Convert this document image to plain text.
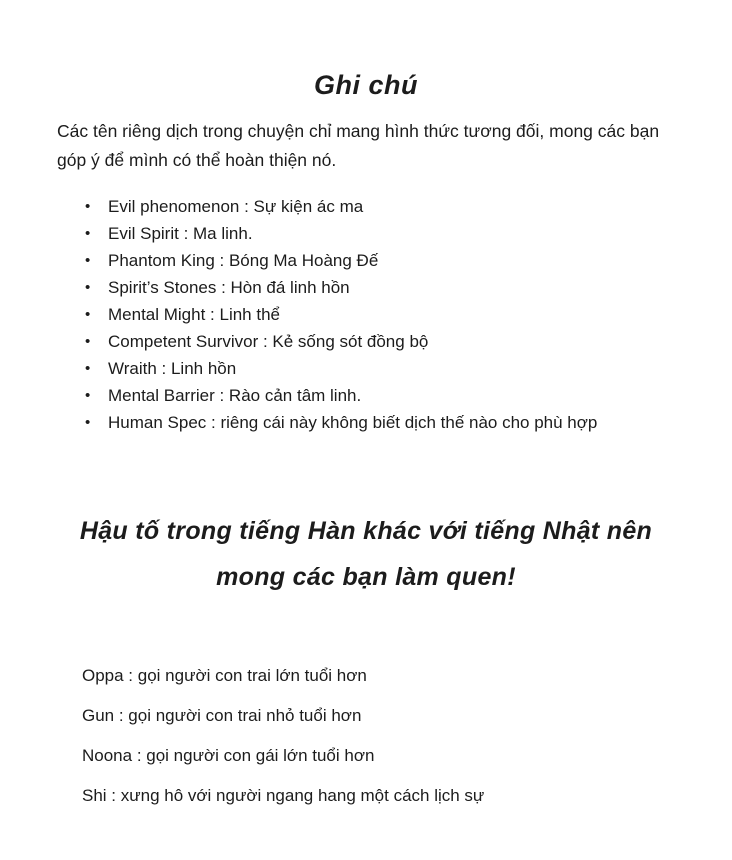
Ghi chú

Các tên riêng dịch trong chuyện chỉ mang hình thức tương đối, mong các bạn góp ý để mình có thể hoàn thiện nó.

•	Evil phenomenon : Sự kiện ác ma
•	Evil Spirit : Ma linh.
•	Phantom King : Bóng Ma Hoàng Đế
•	Spirit’s Stones : Hòn đá linh hồn
•	Mental Might : Linh thể
•	Competent Survivor : Kẻ sống sót đồng bộ
•	Wraith : Linh hồn
•	Mental Barrier : Rào cản tâm linh.
•	Human Spec : riêng cái này không biết dịch thế nào cho phù hợp
Hậu tố trong tiếng Hàn khác với tiếng Nhật nên mong các bạn làm quen!
Oppa : gọi người con trai lớn tuổi hơn
Gun : gọi người con trai nhỏ tuổi hơn
Noona : gọi người con gái lớn tuổi hơn
Shi : xưng hô với người ngang hang một cách lịch sự
